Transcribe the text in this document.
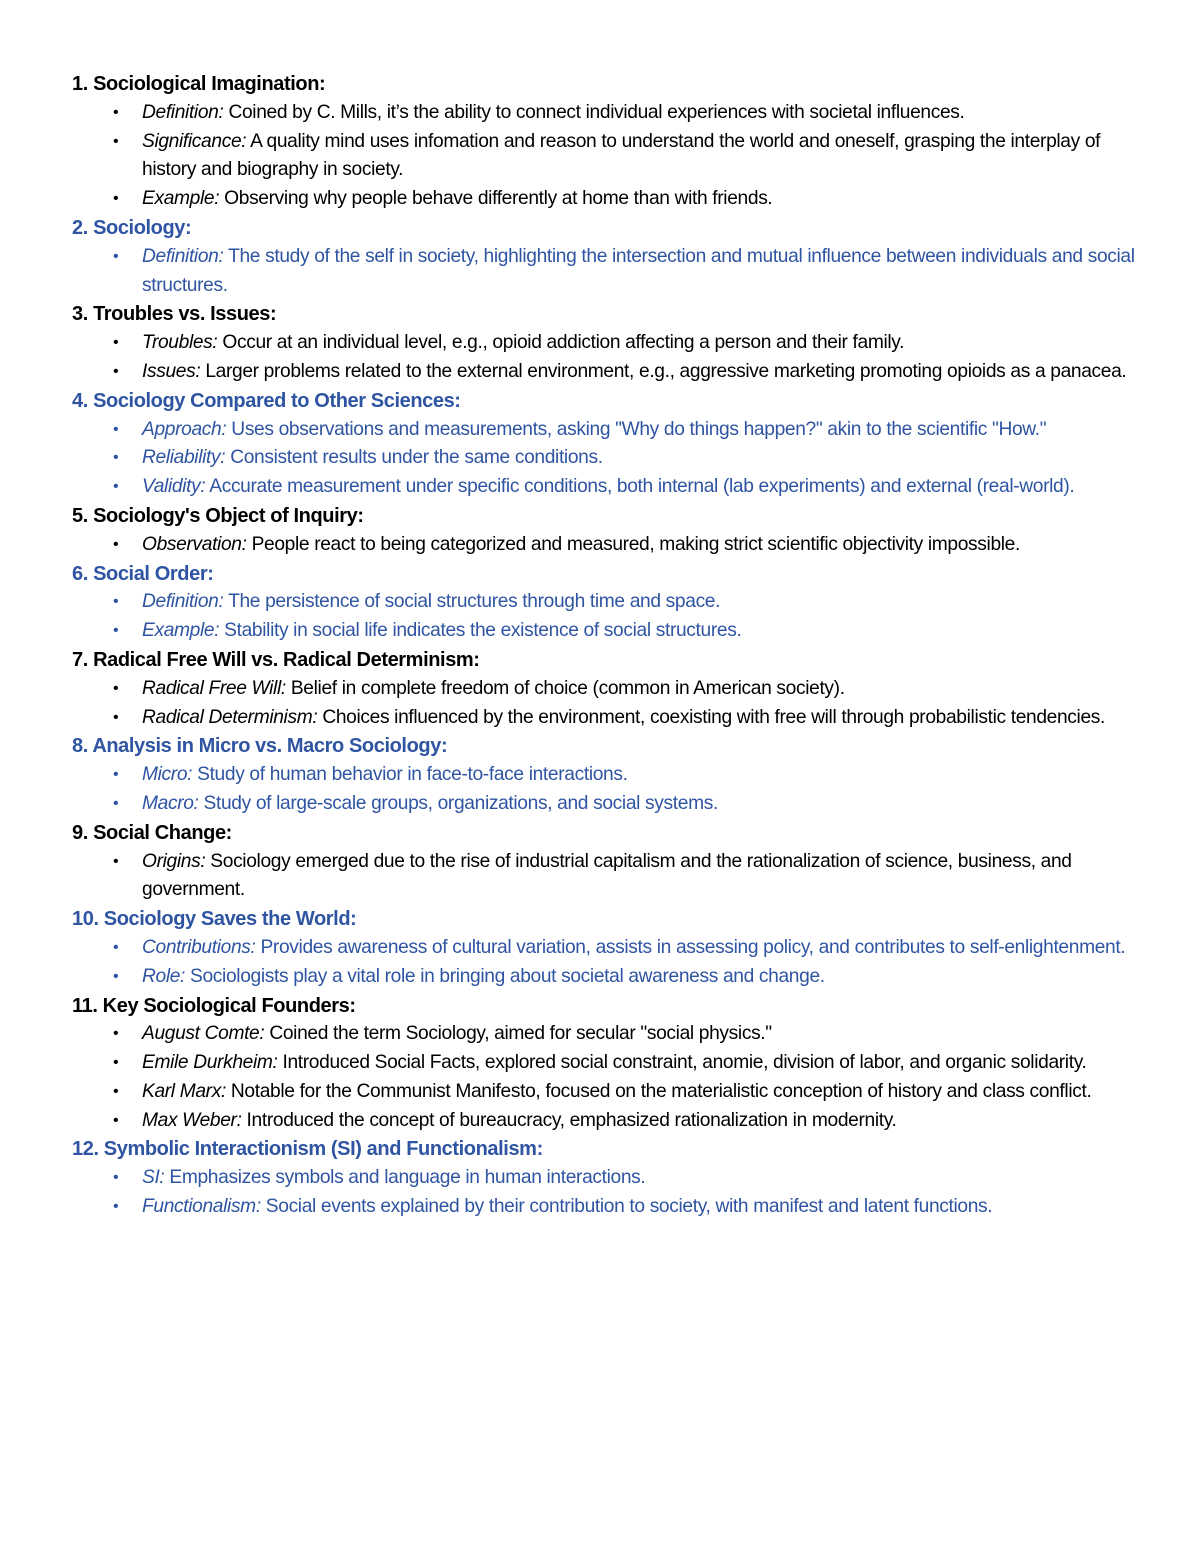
1. Sociological Imagination:
• Definition: Coined by C. Mills, it’s the ability to connect individual experiences with societal influences.
• Significance: A quality mind uses infomation and reason to understand the world and oneself, grasping the interplay of history and biography in society.
• Example: Observing why people behave differently at home than with friends.
2. Sociology:
• Definition: The study of the self in society, highlighting the intersection and mutual influence between individuals and social structures.
3. Troubles vs. Issues:
• Troubles: Occur at an individual level, e.g., opioid addiction affecting a person and their family.
• Issues: Larger problems related to the external environment, e.g., aggressive marketing promoting opioids as a panacea.
4. Sociology Compared to Other Sciences:
• Approach: Uses observations and measurements, asking "Why do things happen?" akin to the scientific "How."
• Reliability: Consistent results under the same conditions.
• Validity: Accurate measurement under specific conditions, both internal (lab experiments) and external (real-world).
5. Sociology's Object of Inquiry:
• Observation: People react to being categorized and measured, making strict scientific objectivity impossible.
6. Social Order:
• Definition: The persistence of social structures through time and space.
• Example: Stability in social life indicates the existence of social structures.
7. Radical Free Will vs. Radical Determinism:
• Radical Free Will: Belief in complete freedom of choice (common in American society).
• Radical Determinism: Choices influenced by the environment, coexisting with free will through probabilistic tendencies.
8. Analysis in Micro vs. Macro Sociology:
• Micro: Study of human behavior in face-to-face interactions.
• Macro: Study of large-scale groups, organizations, and social systems.
9. Social Change:
• Origins: Sociology emerged due to the rise of industrial capitalism and the rationalization of science, business, and government.
10. Sociology Saves the World:
• Contributions: Provides awareness of cultural variation, assists in assessing policy, and contributes to self-enlightenment.
• Role: Sociologists play a vital role in bringing about societal awareness and change.
11. Key Sociological Founders:
• August Comte: Coined the term Sociology, aimed for secular "social physics."
• Emile Durkheim: Introduced Social Facts, explored social constraint, anomie, division of labor, and organic solidarity.
• Karl Marx: Notable for the Communist Manifesto, focused on the materialistic conception of history and class conflict.
• Max Weber: Introduced the concept of bureaucracy, emphasized rationalization in modernity.
12. Symbolic Interactionism (SI) and Functionalism:
• SI: Emphasizes symbols and language in human interactions.
• Functionalism: Social events explained by their contribution to society, with manifest and latent functions.
